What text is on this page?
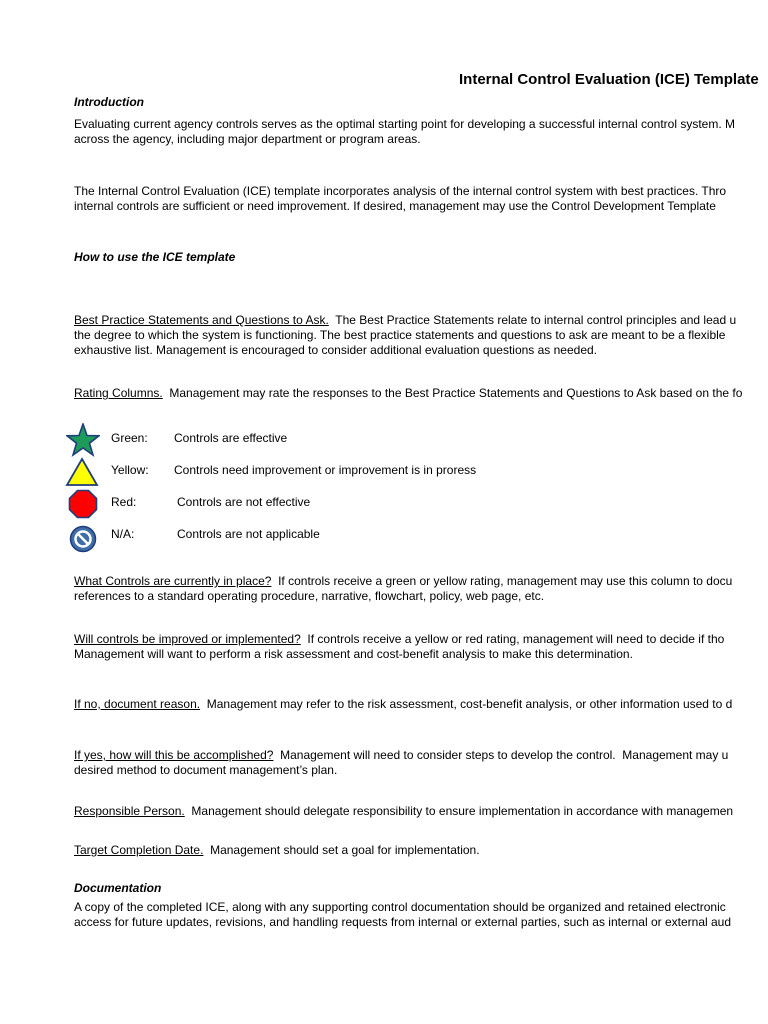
Internal Control Evaluation (ICE) Template
Introduction
Evaluating current agency controls serves as the optimal starting point for developing a successful internal control system. M
across the agency, including major department or program areas.
The Internal Control Evaluation (ICE) template incorporates analysis of the internal control system with best practices. Thro
internal controls are sufficient or need improvement. If desired, management may use the Control Development Template
How to use the ICE template
Best Practice Statements and Questions to Ask.  The Best Practice Statements relate to internal control principles and lead u
the degree to which the system is functioning. The best practice statements and questions to ask are meant to be a flexible
exhaustive list. Management is encouraged to consider additional evaluation questions as needed.
Rating Columns.  Management may rate the responses to the Best Practice Statements and Questions to Ask based on the fo
Green: Controls are effective
Yellow: Controls need improvement or improvement is in proress
Red:	Controls are not effective
N/A:	Controls are not applicable
What Controls are currently in place?  If controls receive a green or yellow rating, management may use this column to docu
references to a standard operating procedure, narrative, flowchart, policy, web page, etc.
Will controls be improved or implemented?  If controls receive a yellow or red rating, management will need to decide if tho
Management will want to perform a risk assessment and cost-benefit analysis to make this determination.
If no, document reason.  Management may refer to the risk assessment, cost-benefit analysis, or other information used to d
If yes, how will this be accomplished?  Management will need to consider steps to develop the control.  Management may u
desired method to document management’s plan.
Responsible Person.  Management should delegate responsibility to ensure implementation in accordance with managemen
Target Completion Date.  Management should set a goal for implementation.
Documentation
A copy of the completed ICE, along with any supporting control documentation should be organized and retained electronic
access for future updates, revisions, and handling requests from internal or external parties, such as internal or external aud
